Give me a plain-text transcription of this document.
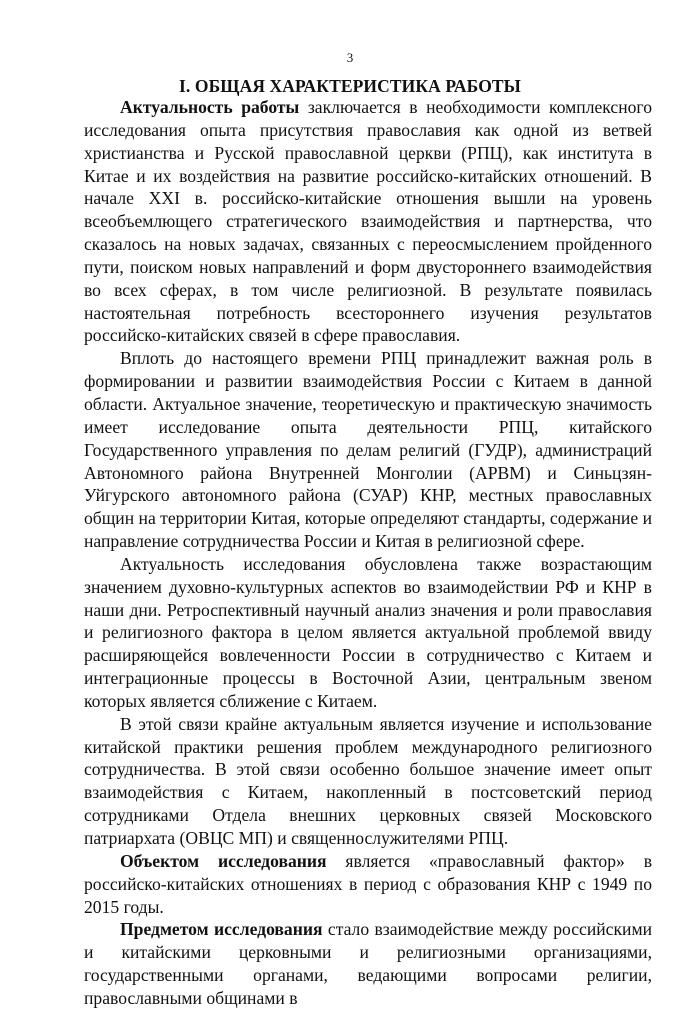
3
I. ОБЩАЯ ХАРАКТЕРИСТИКА РАБОТЫ

Актуальность работы заключается в необходимости комплексного исследования опыта присутствия православия как одной из ветвей христианства и Русской православной церкви (РПЦ), как института в Китае и их воздействия на развитие российско-китайских отношений. В начале XXI в. российско-китайские отношения вышли на уровень всеобъемлющего стратегического взаимодействия и партнерства, что сказалось на новых задачах, связанных с переосмыслением пройденного пути, поиском новых направлений и форм двустороннего взаимодействия во всех сферах, в том числе религиозной. В результате появилась настоятельная потребность всестороннего изучения результатов российско-китайских связей в сфере православия.

Вплоть до настоящего времени РПЦ принадлежит важная роль в формировании и развитии взаимодействия России с Китаем в данной области. Актуальное значение, теоретическую и практическую значимость имеет исследование опыта деятельности РПЦ, китайского Государственного управления по делам религий (ГУДР), администраций Автономного района Внутренней Монголии (АРВМ) и Синьцзян-Уйгурского автономного района (СУАР) КНР, местных православных общин на территории Китая, которые определяют стандарты, содержание и направление сотрудничества России и Китая в религиозной сфере.

Актуальность исследования обусловлена также возрастающим значением духовно-культурных аспектов во взаимодействии РФ и КНР в наши дни. Ретроспективный научный анализ значения и роли православия и религиозного фактора в целом является актуальной проблемой ввиду расширяющейся вовлеченности России в сотрудничество с Китаем и интеграционные процессы в Восточной Азии, центральным звеном которых является сближение с Китаем.

В этой связи крайне актуальным является изучение и использование китайской практики решения проблем международного религиозного сотрудничества. В этой связи особенно большое значение имеет опыт взаимодействия с Китаем, накопленный в постсоветский период сотрудниками Отдела внешних церковных связей Московского патриархата (ОВЦС МП) и священнослужителями РПЦ.

Объектом исследования является «православный фактор» в российско-китайских отношениях в период с образования КНР с 1949 по 2015 годы.

Предметом исследования стало взаимодействие между российскими и китайскими церковными и религиозными организациями, государственными органами, ведающими вопросами религии, православными общинами в
